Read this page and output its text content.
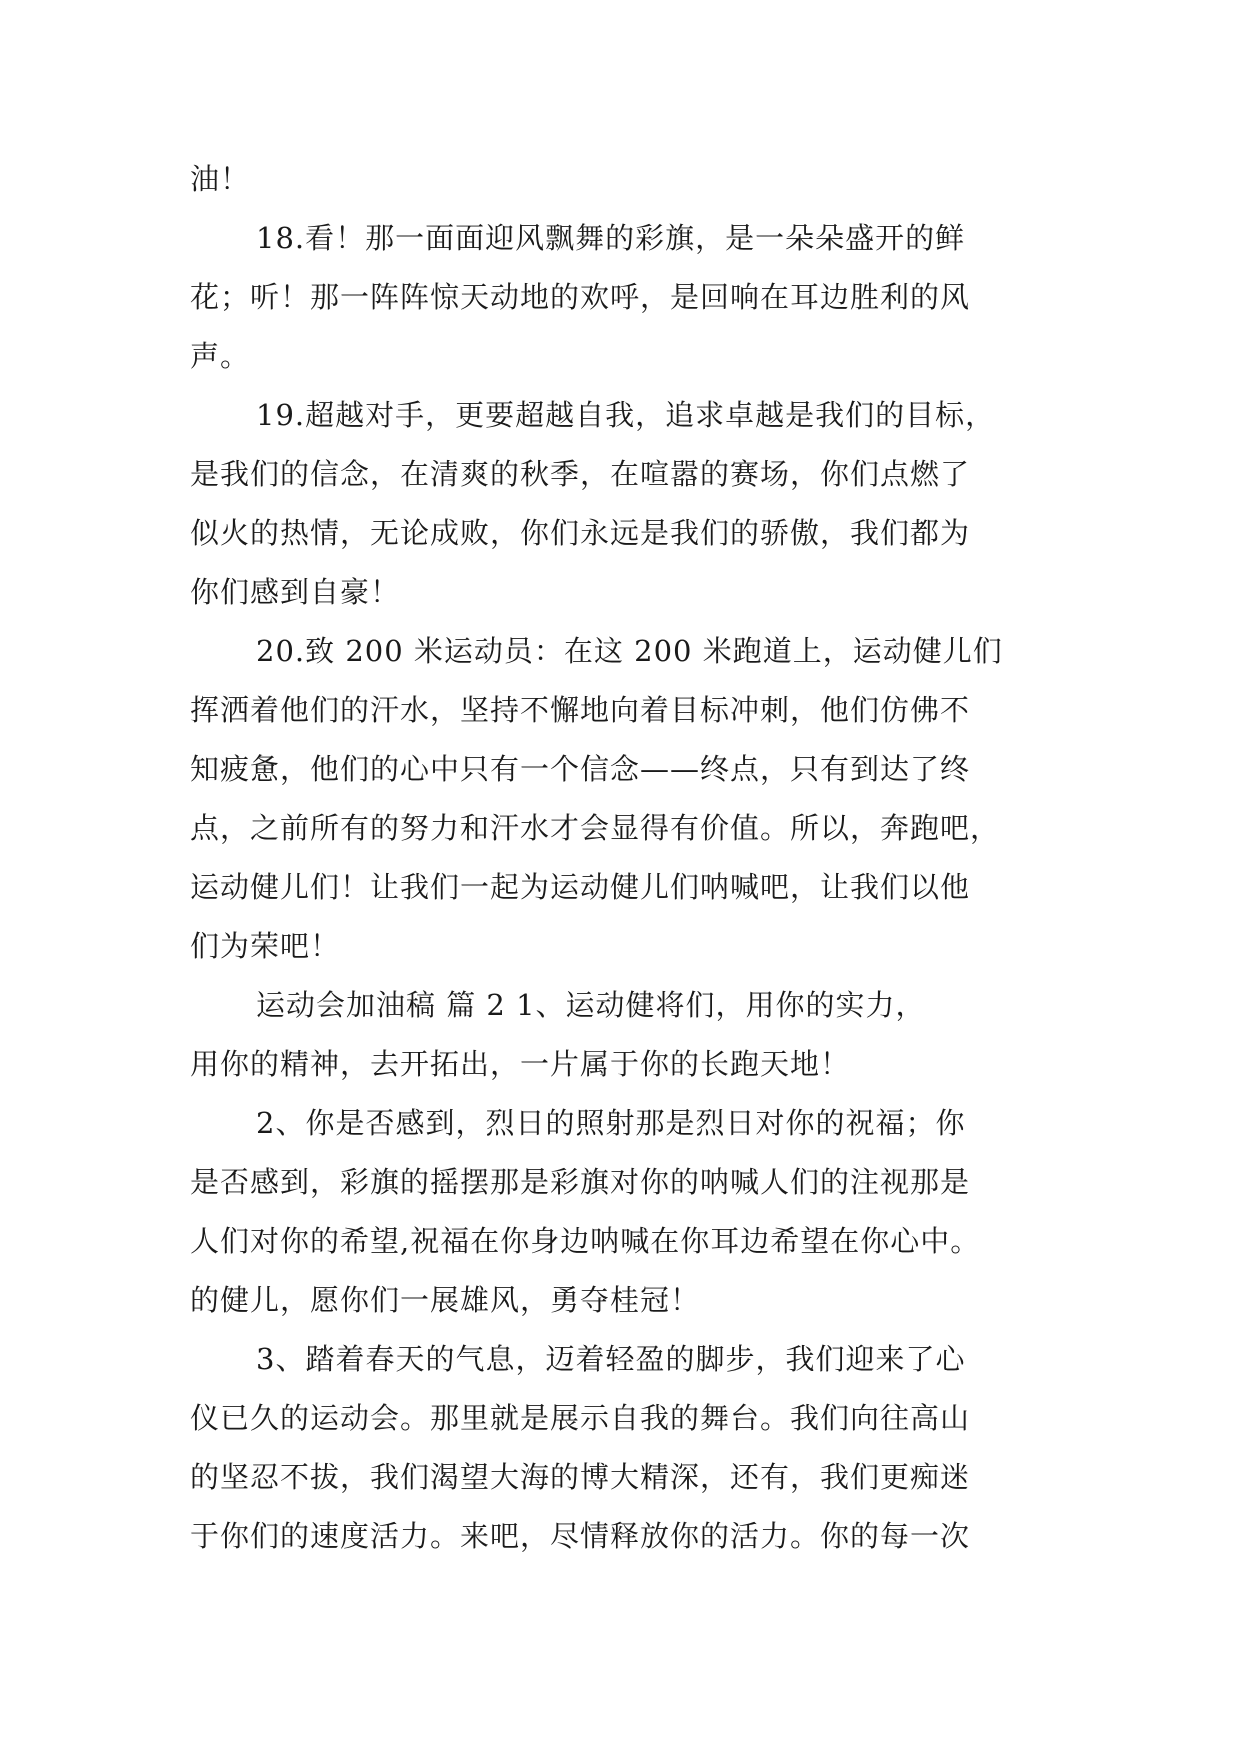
油！
18.看！那一面面迎风飘舞的彩旗，是一朵朵盛开的鲜
花；听！那一阵阵惊天动地的欢呼，是回响在耳边胜利的风
声。
19.超越对手，更要超越自我，追求卓越是我们的目标，
是我们的信念，在清爽的秋季，在喧嚣的赛场，你们点燃了
似火的热情，无论成败，你们永远是我们的骄傲，我们都为
你们感到自豪！
20.致 200 米运动员：在这 200 米跑道上，运动健儿们
挥洒着他们的汗水，坚持不懈地向着目标冲刺，他们仿佛不
知疲惫，他们的心中只有一个信念——终点，只有到达了终
点，之前所有的努力和汗水才会显得有价值。所以，奔跑吧，
运动健儿们！让我们一起为运动健儿们呐喊吧，让我们以他
们为荣吧！
运动会加油稿 篇 2 1、运动健将们，用你的实力，
用你的精神，去开拓出，一片属于你的长跑天地！
2、你是否感到，烈日的照射那是烈日对你的祝福；你
是否感到，彩旗的摇摆那是彩旗对你的呐喊人们的注视那是
人们对你的希望,祝福在你身边呐喊在你耳边希望在你心中。
的健儿，愿你们一展雄风，勇夺桂冠！
3、踏着春天的气息，迈着轻盈的脚步，我们迎来了心
仪已久的运动会。那里就是展示自我的舞台。我们向往高山
的坚忍不拔，我们渴望大海的博大精深，还有，我们更痴迷
于你们的速度活力。来吧，尽情释放你的活力。你的每一次
